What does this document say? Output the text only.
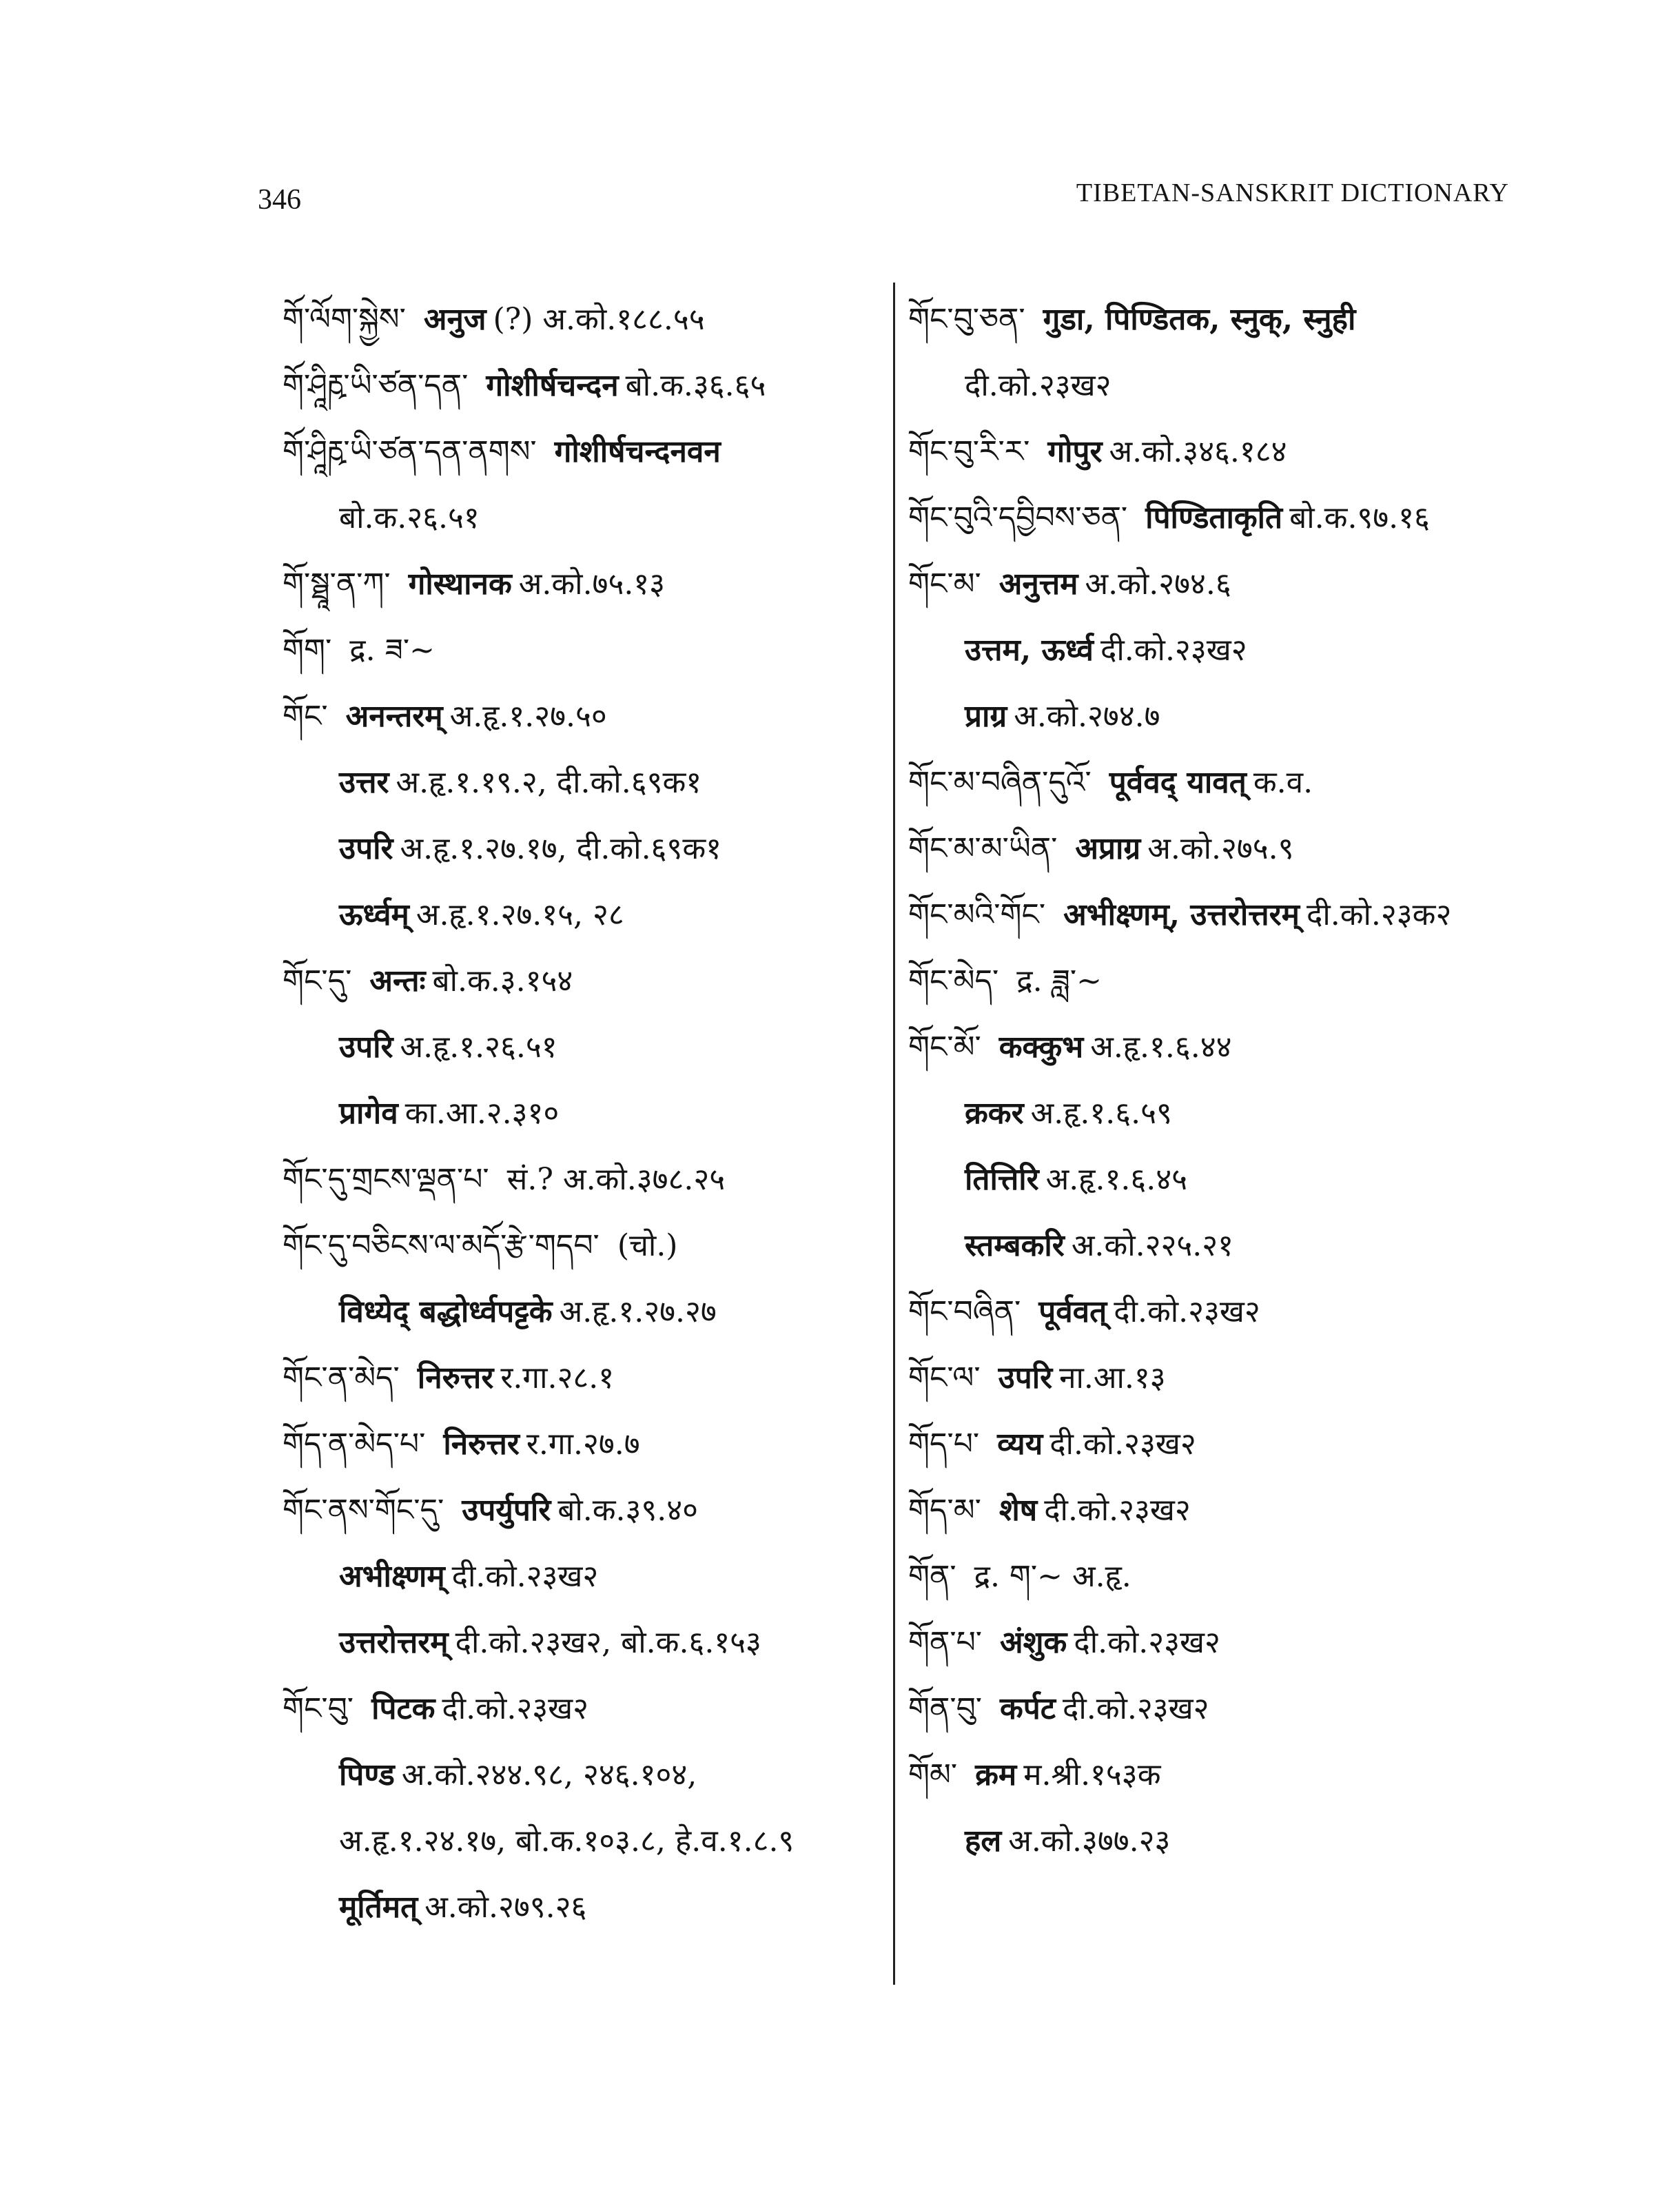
346	TIBETAN-SANSKRIT DICTIONARY
གོ་ལོག་སྐྱེས་ अनुज (?) अ.को.१८८.५५
གོ་ཤཱིརྵ་ཡི་ཙན་དན་ गोशीर्षचन्दन बो.क.३६.६५
གོ་ཤཱིརྵ་ཡི་ཙན་དན་ནགས་ गोशीर्षचन्दनवन
बो.क.२६.५१
གོ་སྠཱ་ན་ཀ་ गोस्थानक अ.को.७५.१३
གོག་ द्र. ཟ་~
གོང་ अनन्तरम् अ.हृ.१.२७.५०
उत्तर अ.हृ.१.१९.२, दी.को.६९क१
उपरि अ.हृ.१.२७.१७, दी.को.६९क१
ऊर्ध्वम् अ.हृ.१.२७.१५, २८
གོང་དུ་ अन्तः बो.क.३.१५४
उपरि अ.हृ.१.२६.५१
प्रागेव का.आ.२.३१०
གོང་དུ་གྲངས་ལྡན་པ་ सं.? अ.को.३७८.२५
གོང་དུ་བཅིངས་ལ་མདོ་རྩེ་གདབ་ (चो.)
विध्येद् बद्धोर्ध्वपट्टके अ.हृ.१.२७.२७
གོང་ན་མེད་ निरुत्तर र.गा.२८.१
གོད་ན་མེད་པ་ निरुत्तर र.गा.२७.७
གོང་ནས་གོང་དུ་ उपर्युपरि बो.क.३९.४०
अभीक्ष्णम् दी.को.२३ख२
उत्तरोत्तरम् दी.को.२३ख२, बो.क.६.१५३
གོང་བུ་ पिटक दी.को.२३ख२
पिण्ड अ.को.२४४.९८, २४६.१०४,
अ.हृ.१.२४.१७, बो.क.१०३.८, हे.व.१.८.९
मूर्तिमत् अ.को.२७९.२६
གོང་བུ་ཅན་ गुडा, पिण्डितक, स्नुक्, स्नुही
दी.को.२३ख२
གོང་བུ་རི་ར་ गोपुर अ.को.३४६.१८४
གོང་བུའི་དབྱིབས་ཅན་ पिण्डिताकृति बो.क.९७.१६
གོང་མ་ अनुत्तम अ.को.२७४.६
उत्तम, ऊर्ध्व दी.को.२३ख२
प्राग्र अ.को.२७४.७
གོང་མ་བཞིན་དུའོ་ पूर्ववद् यावत् क.व.
གོང་མ་མ་ཡིན་ अप्राग्र अ.को.२७५.९
གོང་མའི་གོང་ अभीक्ष्णम्, उत्तरोत्तरम् दी.को.२३क२
གོང་མེད་ द्र. ཟླ་~
གོང་མོ་ कक्कुभ अ.हृ.१.६.४४
क्रकर अ.हृ.१.६.५९
तित्तिरि अ.हृ.१.६.४५
स्तम्बकरि अ.को.२२५.२१
གོང་བཞིན་ पूर्ववत् दी.को.२३ख२
གོང་ལ་ उपरि ना.आ.१३
གོད་པ་ व्यय दी.को.२३ख२
གོད་མ་ शेष दी.को.२३ख२
གོན་ द्र. ག་~ अ.हृ.
གོན་པ་ अंशुक दी.को.२३ख२
གོན་བུ་ कर्पट दी.को.२३ख२
གོམ་ क्रम म.श्री.१५३क
हल अ.को.३७७.२३
